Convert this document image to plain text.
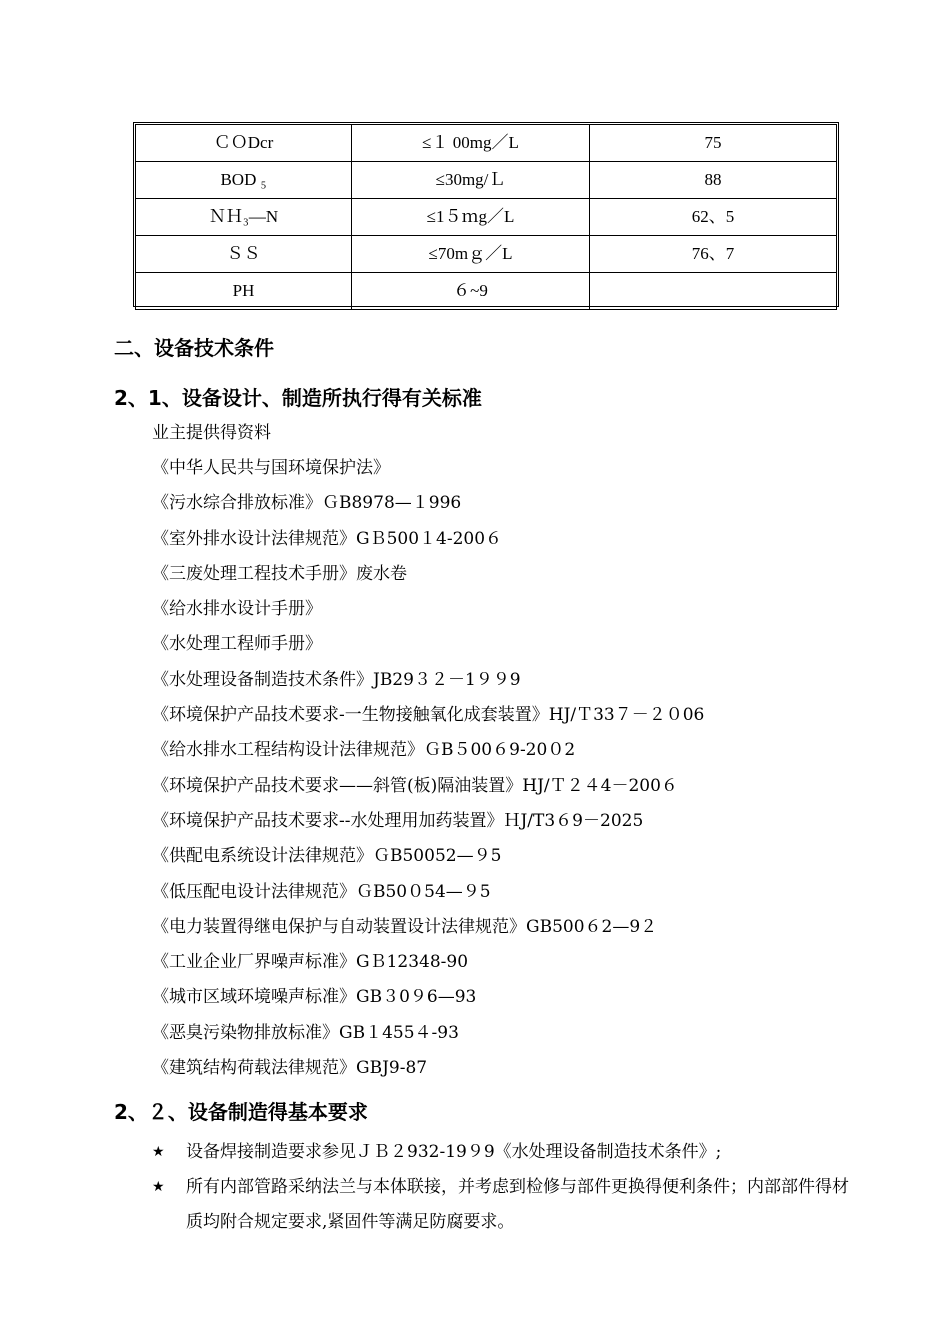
ＣＯDcr	≤１ 00mg／L	75
BOD ₅	≤30mg/Ｌ	88
ＮＨ₃—N	≤1５ｍg／L	62、5
ＳＳ	≤70mｇ／L	76、7
PH	６~9	
二、设备技术条件
2、1、设备设计、制造所执行得有关标准

业主提供得资料

《中华人民共与国环境保护法》
《污水综合排放标准》ＧB8978—１996
《室外排水设计法律规范》GＢ500１4-200６
《三废处理工程技术手册》废水卷
《给水排水设计手册》
《水处理工程师手册》
《水处理设备制造技术条件》JB29３２－1９９9
《环境保护产品技术要求-一生物接触氧化成套装置》HJ/Ｔ33７－２０06
《给水排水工程结构设计法律规范》ＧB５00６9-20０2
《环境保护产品技术要求——斜管(板)隔油装置》HJ/Ｔ２４4－200６
《环境保护产品技术要求--水处理用加药装置》ＨJ/T3６9－2025
《供配电系统设计法律规范》ＧB50052—９5
《低压配电设计法律规范》ＧB50０54—９5
《电力装置得继电保护与自动装置设计法律规范》GB500６2—9２
《工业企业厂界噪声标准》GＢ12348-90
《城市区域环境噪声标准》GB３0９6—93
《恶臭污染物排放标准》GB１455４-93
《建筑结构荷载法律规范》GBJ9-87
2、２、设备制造得基本要求
★ 设备焊接制造要求参见ＪＢ２932-19９9《水处理设备制造技术条件》;
★ 所有内部管路采纳法兰与本体联接，并考虑到检修与部件更换得便利条件；内部部件得材质均附合规定要求,紧固件等满足防腐要求。
